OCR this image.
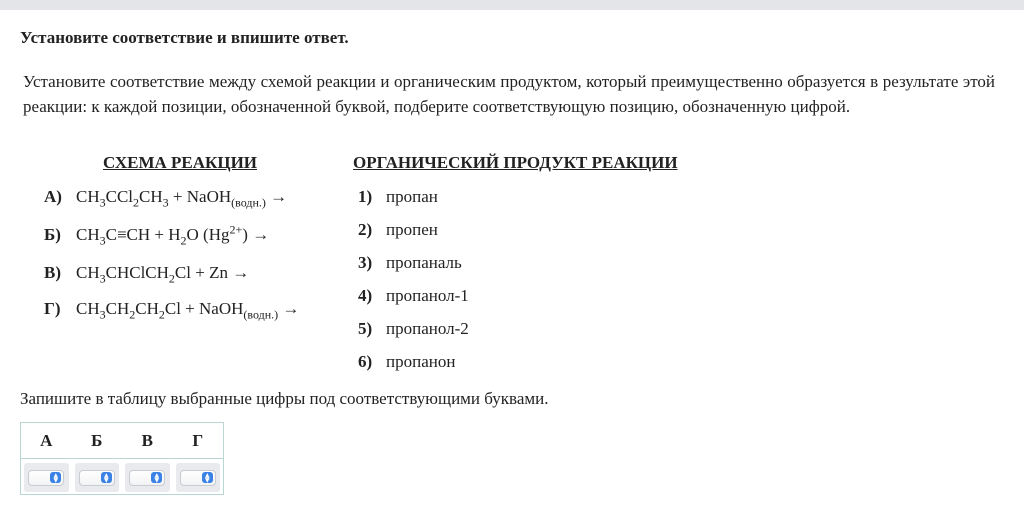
Установите соответствие и впишите ответ.
Установите соответствие между схемой реакции и органическим продуктом, который преимущественно образуется в результате этой реакции: к каждой позиции, обозначенной буквой, подберите соответствующую позицию, обозначенную цифрой.
СХЕМА РЕАКЦИИ	ОРГАНИЧЕСКИЙ ПРОДУКТ РЕАКЦИИ
А) $CH_3CCl_2CH_3$ + NaOH$_{(водн.)}$ →
Б) $CH_3C\equiv CH + H_2O$ $(Hg^{2+})$ →
В) $CH_3CHClCH_2Cl + Zn$ →
Г) $CH_3CH_2CH_2Cl$ + NaOH$_{(водн.)}$ →
1) пропан
2) пропен
3) пропаналь
4) пропанол-1
5) пропанол-2
6) пропанон
Запишите в таблицу выбранные цифры под соответствующими буквами.
А	Б	В	Г
▲
▼
▲
▼
▲
▼
▲
▼
